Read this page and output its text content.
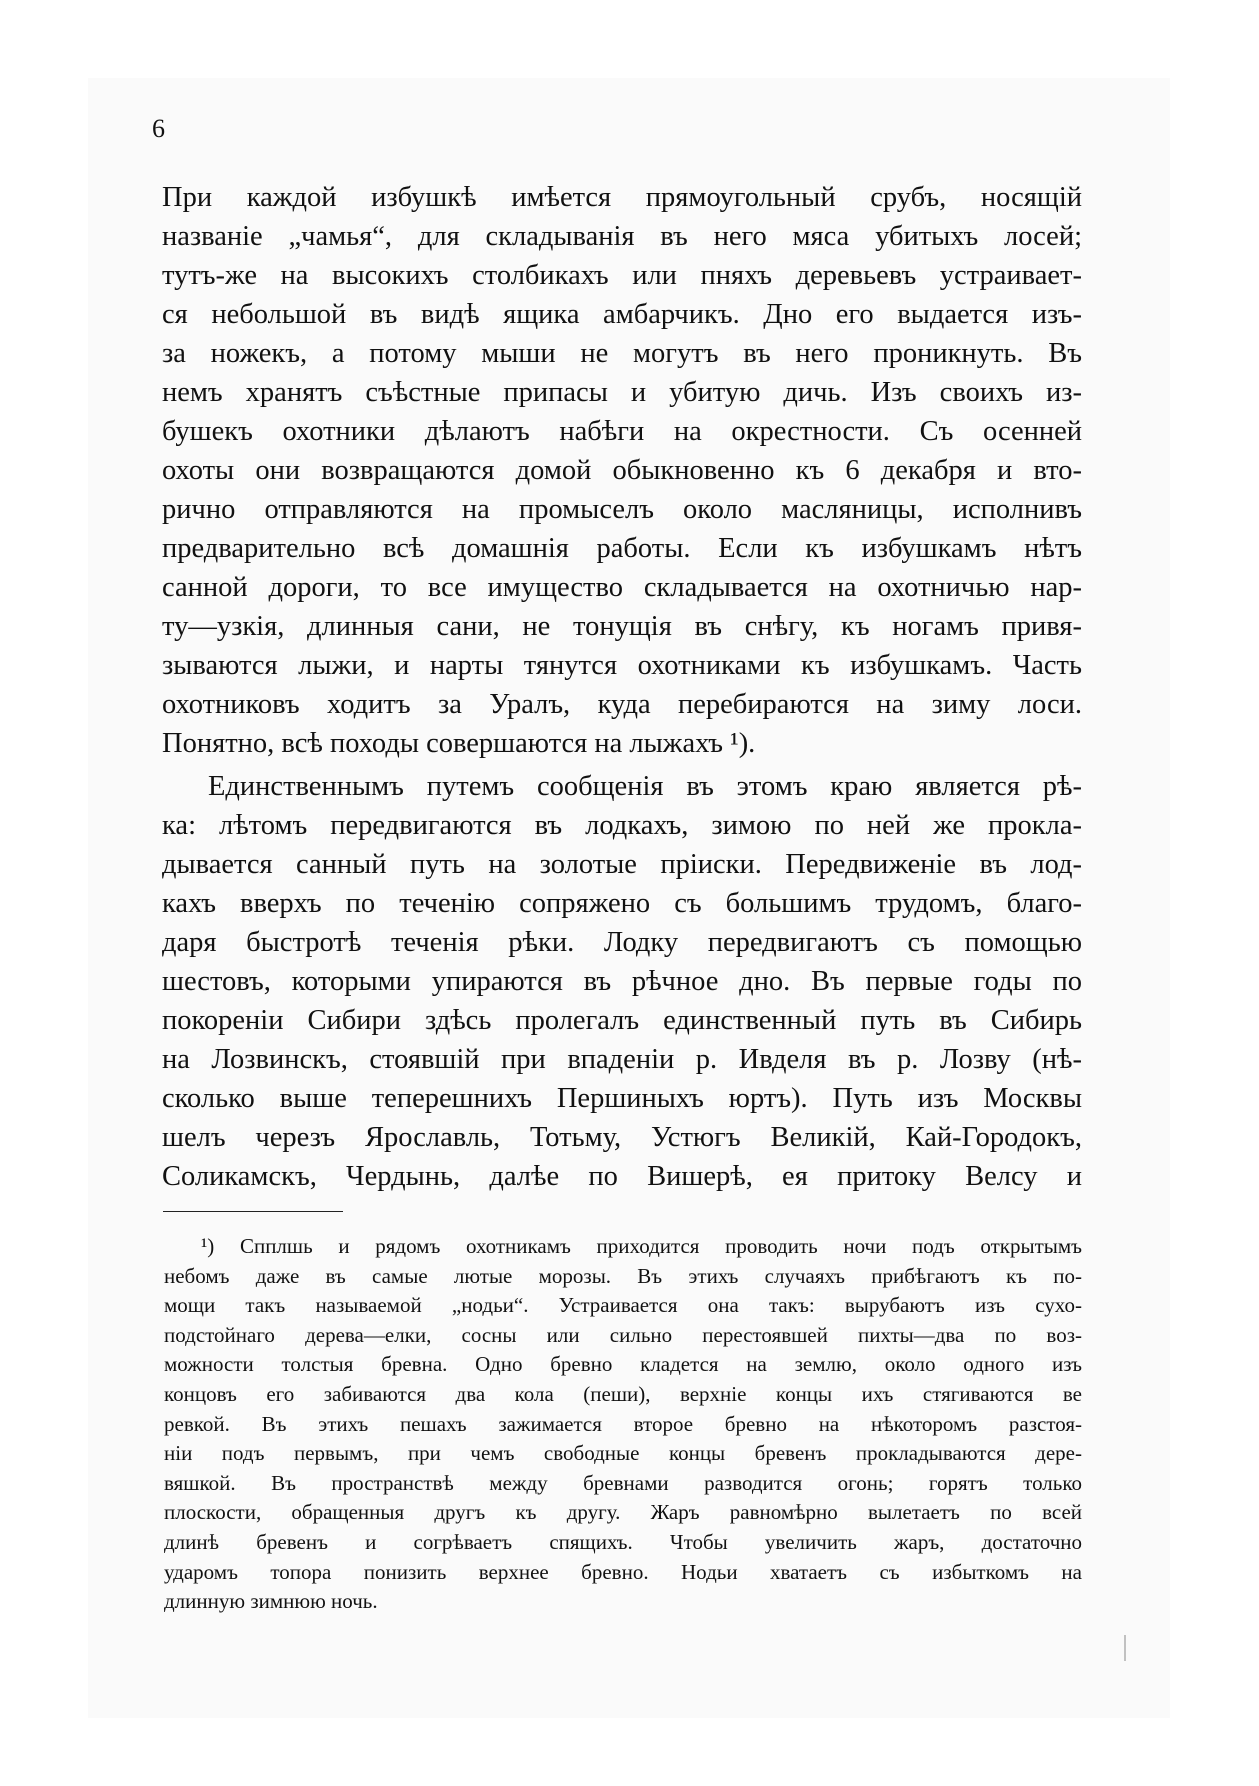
6
При каждой избушкѣ имѣется прямоугольный срубъ, носящій
названіе „чамья“, для складыванія въ него мяса убитыхъ лосей;
тутъ-же на высокихъ столбикахъ или пняхъ деревьевъ устраивает-
ся небольшой въ видѣ ящика амбарчикъ. Дно его выдается изъ-
за ножекъ, а потому мыши не могутъ въ него проникнуть. Въ
немъ хранятъ съѣстные припасы и убитую дичь. Изъ своихъ из-
бушекъ охотники дѣлаютъ набѣги на окрестности. Съ осенней
охоты они возвращаются домой обыкновенно къ 6 декабря и вто-
рично отправляются на промыселъ около масляницы, исполнивъ
предварительно всѣ домашнія работы. Если къ избушкамъ нѣтъ
санной дороги, то все имущество складывается на охотничью нар-
ту—узкія, длинныя сани, не тонущія въ снѣгу, къ ногамъ привя-
зываются лыжи, и нарты тянутся охотниками къ избушкамъ. Часть
охотниковъ ходитъ за Уралъ, куда перебираются на зиму лоси.
Понятно, всѣ походы совершаются на лыжахъ ¹).
Единственнымъ путемъ сообщенія въ этомъ краю является рѣ-
ка: лѣтомъ передвигаются въ лодкахъ, зимою по ней же прокла-
дывается санный путь на золотые пріиски. Передвиженіе въ лод-
кахъ вверхъ по теченію сопряжено съ большимъ трудомъ, благо-
даря быстротѣ теченія рѣки. Лодку передвигаютъ съ помощью
шестовъ, которыми упираются въ рѣчное дно. Въ первые годы по
покореніи Сибири здѣсь пролегалъ единственный путь въ Сибирь
на Лозвинскъ, стоявшій при впаденіи р. Ивделя въ р. Лозву (нѣ-
сколько выше теперешнихъ Першиныхъ юртъ). Путь изъ Москвы
шелъ черезъ Ярославль, Тотьму, Устюгъ Великій, Кай-Городокъ,
Соликамскъ, Чердынь, далѣе по Вишерѣ, ея притоку Велсу и
¹) Спплшь и рядомъ охотникамъ приходится проводить ночи подъ открытымъ
небомъ даже въ самые лютые морозы. Въ этихъ случаяхъ прибѣгаютъ къ по-
мощи такъ называемой „нодьи“. Устраивается она такъ: вырубаютъ изъ сухо-
подстойнаго дерева—елки, сосны или сильно перестоявшей пихты—два по воз-
можности толстыя бревна. Одно бревно кладется на землю, около одного изъ
концовъ его забиваются два кола (пеши), верхніе концы ихъ стягиваются ве
ревкой. Въ этихъ пешахъ зажимается второе бревно на нѣкоторомъ разстоя-
ніи подъ первымъ, при чемъ свободные концы бревенъ прокладываются дере-
вяшкой. Въ пространствѣ между бревнами разводится огонь; горятъ только
плоскости, обращенныя другъ къ другу. Жаръ равномѣрно вылетаетъ по всей
длинѣ бревенъ и согрѣваетъ спящихъ. Чтобы увеличить жаръ, достаточно
ударомъ топора понизить верхнее бревно. Нодьи хватаетъ съ избыткомъ на
длинную зимнюю ночь.
